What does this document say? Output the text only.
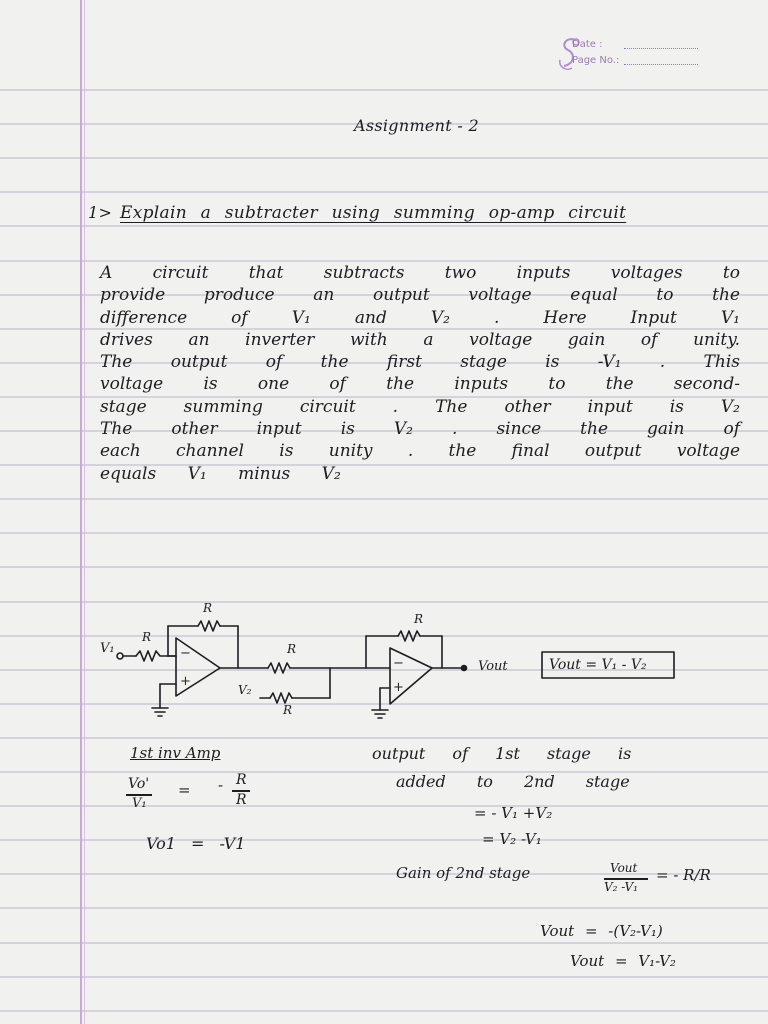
Date :
Page No.:
Assignment - 2
1> Explain a subtracter using summing op-amp circuit
A circuit that subtracts two inputs voltages to
provide produce an output voltage equal to the
difference of V₁ and V₂ . Here Input V₁
drives an inverter with a voltage gain of unity.
The output of the first stage is -V₁ . This
voltage is one of the inputs to the second-
stage summing circuit . The other input is V₂
The other input is V₂ . since the gain of
each channel is unity . the final output voltage
equals V₁ minus V₂
V₁
R
R
−
+
R
V₂
R
R
−
+
Vout	Vout = V₁ - V₂
1st inv Amp
Vo'
V₁
= - R
R
Vo1 = -V1
output of 1st stage is
added to 2nd stage
= - V₁ +V₂
= V₂ -V₁
Gain of 2nd stage	Vout
V₂ -V₁
= - R/R
Vout = -(V₂-V₁)
Vout = V₁-V₂
